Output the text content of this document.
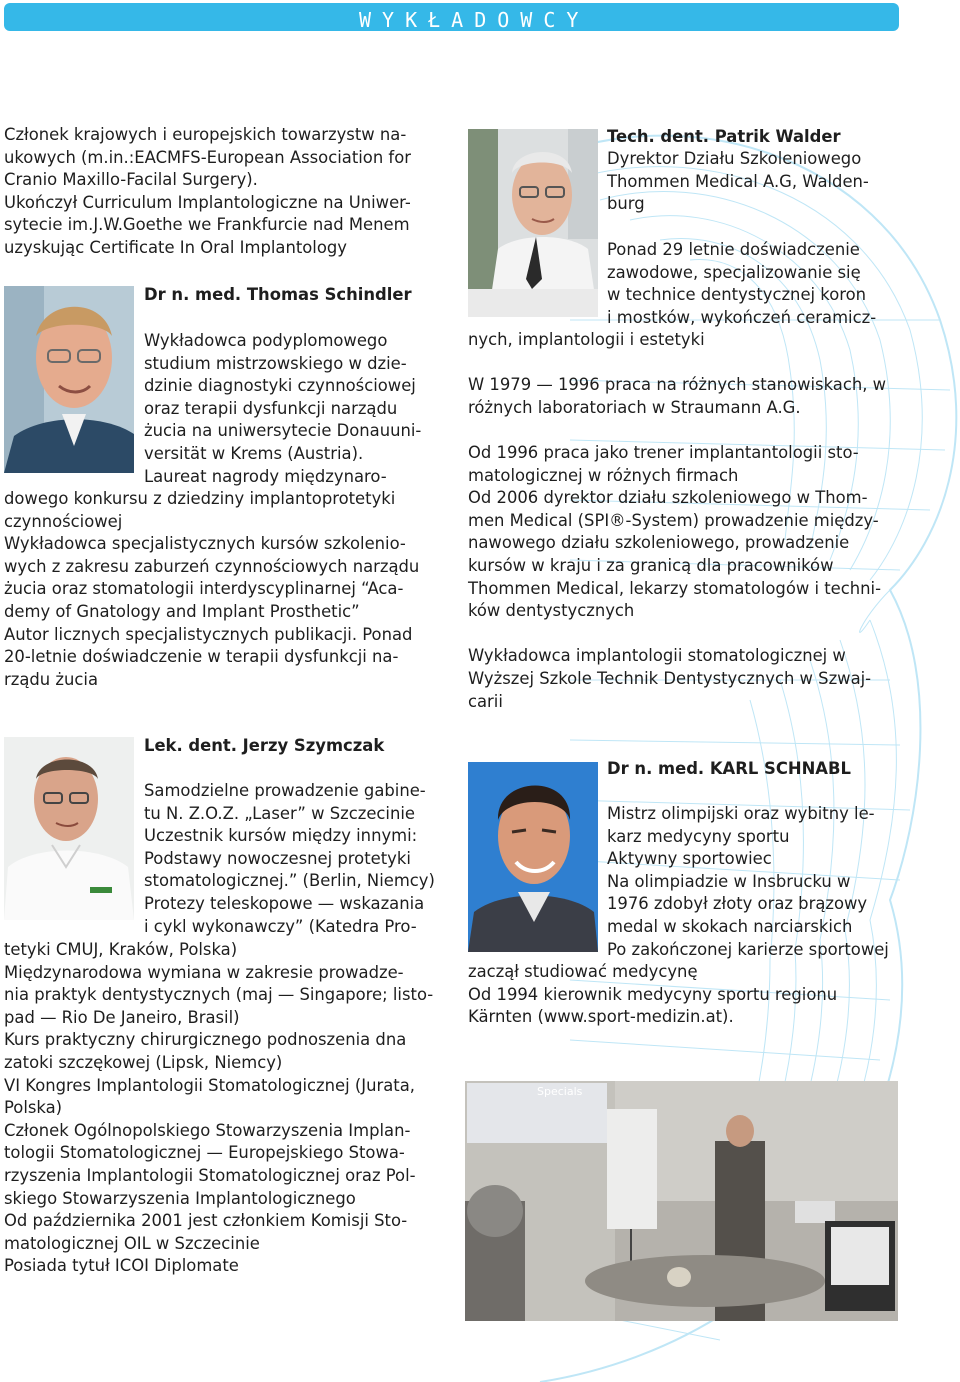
WYKŁADOWCY
Członek krajowych i europejskich towarzystw na-
ukowych (m.in.:EACMFS-European Association for
Cranio Maxillo-Facilal Surgery).
Ukończył Curriculum Implantologiczne na Uniwer-
sytecie im.J.W.Goethe we Frankfurcie nad Menem
uzyskując Certificate In Oral Implantology
Dr n. med. Thomas Schindler
Wykładowca podyplomowego
studium mistrzowskiego w dzie-
dzinie diagnostyki czynnościowej
oraz terapii dysfunkcji narządu
żucia na uniwersytecie Donauuni-
versität w Krems (Austria).
Laureat nagrody międzynaro-
dowego konkursu z dziedziny implantoprotetyki
czynnościowej
Wykładowca specjalistycznych kursów szkolenio-
wych z zakresu zaburzeń czynnościowych narządu
żucia oraz stomatologii interdyscyplinarnej “Aca-
demy of Gnatology and Implant Prosthetic”
Autor licznych specjalistycznych publikacji. Ponad
20-letnie doświadczenie w terapii dysfunkcji na-
rządu żucia
Lek. dent. Jerzy Szymczak
Samodzielne prowadzenie gabine-
tu N. Z.O.Z. „Laser” w Szczecinie
Uczestnik kursów między innymi:
Podstawy nowoczesnej protetyki
stomatologicznej.” (Berlin, Niemcy)
Protezy teleskopowe — wskazania
i cykl wykonawczy” (Katedra Pro-
tetyki CMUJ, Kraków, Polska)
Międzynarodowa wymiana w zakresie prowadze-
nia praktyk dentystycznych (maj — Singapore; listo-
pad — Rio De Janeiro, Brasil)
Kurs praktyczny chirurgicznego podnoszenia dna
zatoki szczękowej (Lipsk, Niemcy)
VI Kongres Implantologii Stomatologicznej (Jurata,
Polska)
Członek Ogólnopolskiego Stowarzyszenia Implan-
tologii Stomatologicznej — Europejskiego Stowa-
rzyszenia Implantologii Stomatologicznej oraz Pol-
skiego Stowarzyszenia Implantologicznego
Od października 2001 jest członkiem Komisji Sto-
matologicznej OIL w Szczecinie
Posiada tytuł ICOI Diplomate
Tech. dent. Patrik Walder
Dyrektor Działu Szkoleniowego
Thommen Medical A.G, Walden-
burg
Ponad 29 letnie doświadczenie
zawodowe, specjalizowanie się
w technice dentystycznej koron
i mostków, wykończeń ceramicz-
nych, implantologii i estetyki

W 1979 — 1996 praca na różnych stanowiskach, w
różnych laboratoriach w Straumann A.G.

Od 1996 praca jako trener implantantologii sto-
matologicznej w różnych firmach
Od 2006 dyrektor działu szkoleniowego w Thom-
men Medical (SPI®-System) prowadzenie między-
nawowego działu szkoleniowego, prowadzenie
kursów w kraju i za granicą dla pracowników
Thommen Medical, lekarzy stomatologów i techni-
ków dentystycznych

Wykładowca implantologii stomatologicznej w
Wyższej Szkole Technik Dentystycznych w Szwaj-
carii
Dr n. med. KARL SCHNABL
Mistrz olimpijski oraz wybitny le-
karz medycyny sportu
Aktywny sportowiec
Na olimpiadzie w Insbrucku w
1976 zdobył złoty oraz brązowy
medal w skokach narciarskich
Po zakończonej karierze sportowej
zaczął studiować medycynę
Od 1994 kierownik medycyny sportu regionu
Kärnten (www.sport-medizin.at).
Specials
